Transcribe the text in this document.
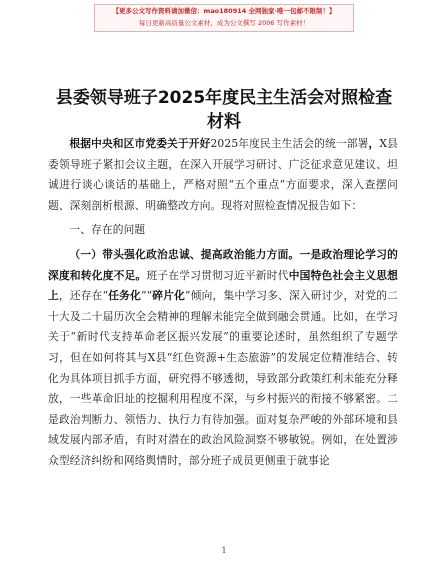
【更多公文写作资料请加微信：mao180914 全网独家·唯一包邮不限制！】
每日更新高质量公文素材，成为公文撰写 2006 写作素材！
县委领导班子2025年度民主生活会对照检查材料

根据中央和区市党委关于开好2025年度民主生活会的统一部署，X县委领导班子紧扣会议主题，在深入开展学习研讨、广泛征求意见建议、坦诚进行谈心谈话的基础上，严格对照“五个重点”方面要求，深入查摆问题、深刻剖析根源、明确整改方向。现将对照检查情况报告如下：

一、存在的问题

（一）带头强化政治忠诚、提高政治能力方面。一是政治理论学习的深度和转化度不足。班子在学习贯彻习近平新时代中国特色社会主义思想上，还存在“任务化”“碎片化”倾向，集中学习多、深入研讨少，对党的二十大及二十届历次全会精神的理解未能完全做到融会贯通。比如，在学习关于“新时代支持革命老区振兴发展”的重要论述时，虽然组织了专题学习，但在如何将其与X县“红色资源+生态旅游”的发展定位精准结合、转化为具体项目抓手方面，研究得不够透彻，导致部分政策红利未能充分释放，一些革命旧址的挖掘利用程度不深，与乡村振兴的衔接不够紧密。二是政治判断力、领悟力、执行力有待加强。面对复杂严峻的外部环境和县域发展内部矛盾，有时对潜在的政治风险洞察不够敏锐。例如，在处置涉众型经济纠纷和网络舆情时，部分班子成员更侧重于就事论

1
